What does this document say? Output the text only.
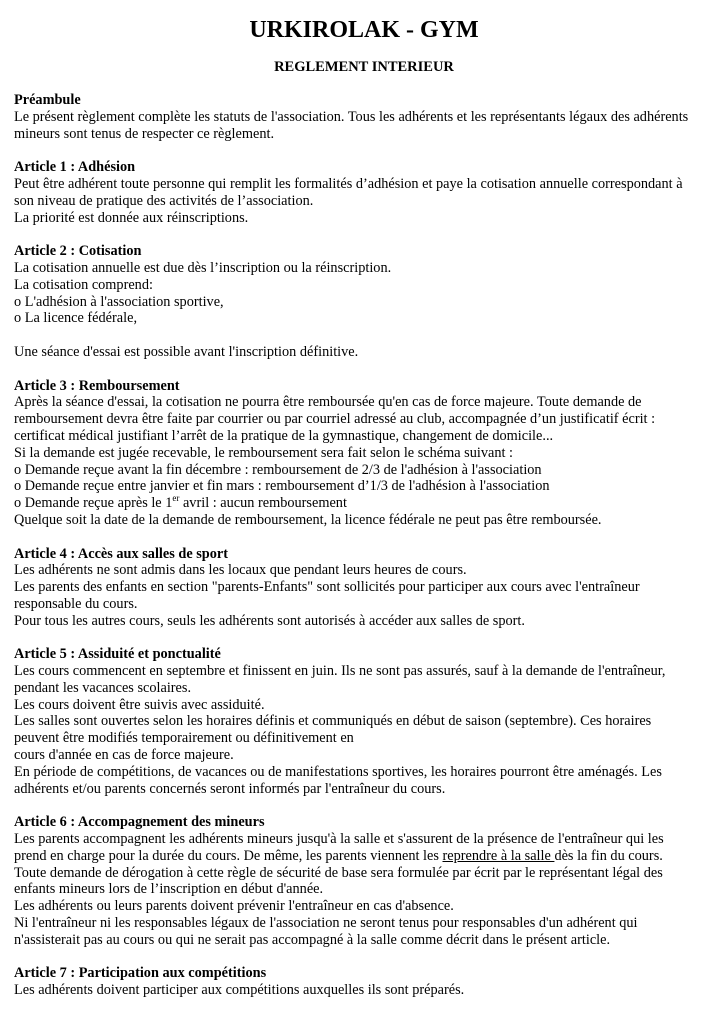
URKIROLAK - GYM
REGLEMENT INTERIEUR
Préambule
Le présent règlement complète les statuts de l'association. Tous les adhérents et les représentants légaux des adhérents
mineurs sont tenus de respecter ce règlement.
Article 1 : Adhésion
Peut être adhérent toute personne qui remplit les formalités d’adhésion et paye la cotisation annuelle correspondant à
son niveau de pratique des activités de l’association.
La priorité est donnée aux réinscriptions.
Article 2 : Cotisation
La cotisation annuelle est due dès l’inscription ou la réinscription.
La cotisation comprend:
o L'adhésion à l'association sportive,
o La licence fédérale,
Une séance d'essai est possible avant l'inscription définitive.
Article 3 : Remboursement
Après la séance d'essai, la cotisation ne pourra être remboursée qu'en cas de force majeure. Toute demande de
remboursement devra être faite par courrier ou par courriel adressé au club, accompagnée d’un justificatif écrit :
certificat médical justifiant l’arrêt de la pratique de la gymnastique, changement de domicile...
Si la demande est jugée recevable, le remboursement sera fait selon le schéma suivant :
o Demande reçue avant la fin décembre : remboursement de 2/3 de l'adhésion à l'association
o Demande reçue entre janvier et fin mars : remboursement d’1/3 de l'adhésion à l'association
o Demande reçue après le 1er avril : aucun remboursement
Quelque soit la date de la demande de remboursement, la licence fédérale ne peut pas être remboursée.
Article 4 : Accès aux salles de sport
Les adhérents ne sont admis dans les locaux que pendant leurs heures de cours.
Les parents des enfants en section "parents-Enfants" sont sollicités pour participer aux cours avec l'entraîneur
responsable du cours.
Pour tous les autres cours, seuls les adhérents sont autorisés à accéder aux salles de sport.
Article 5 : Assiduité et ponctualité
Les cours commencent en septembre et finissent en juin. Ils ne sont pas assurés, sauf à la demande de l'entraîneur,
pendant les vacances scolaires.
Les cours doivent être suivis avec assiduité.
Les salles sont ouvertes selon les horaires définis et communiqués en début de saison (septembre). Ces horaires
peuvent être modifiés temporairement ou définitivement en
cours d'année en cas de force majeure.
En période de compétitions, de vacances ou de manifestations sportives, les horaires pourront être aménagés. Les
adhérents et/ou parents concernés seront informés par l'entraîneur du cours.
Article 6 : Accompagnement des mineurs
Les parents accompagnent les adhérents mineurs jusqu'à la salle et s'assurent de la présence de l'entraîneur qui les
prend en charge pour la durée du cours. De même, les parents viennent les reprendre à la salle dès la fin du cours.
Toute demande de dérogation à cette règle de sécurité de base sera formulée par écrit par le représentant légal des
enfants mineurs lors de l’inscription en début d'année.
Les adhérents ou leurs parents doivent prévenir l'entraîneur en cas d'absence.
Ni l'entraîneur ni les responsables légaux de l'association ne seront tenus pour responsables d'un adhérent qui
n'assisterait pas au cours ou qui ne serait pas accompagné à la salle comme décrit dans le présent article.
Article 7 : Participation aux compétitions
Les adhérents doivent participer aux compétitions auxquelles ils sont préparés.
